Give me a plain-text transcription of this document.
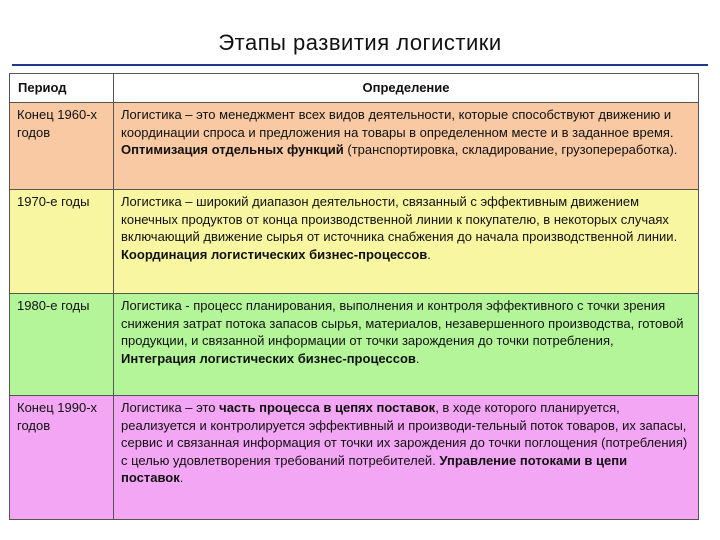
Этапы развития логистики
Период	Определение
Конец 1960-х годов	Логистика – это менеджмент всех видов деятельности, которые способствуют движению и координации спроса и предложения на товары в определенном месте и в заданное время. Оптимизация отдельных функций (транспортировка, складирование, грузопереработка).
1970-е годы	Логистика – широкий диапазон деятельности, связанный с эффективным движением конечных продуктов от конца производственной линии к покупателю, в некоторых случаях включающий движение сырья от источника снабжения до начала производственной линии. Координация логистических бизнес-процессов.
1980-е годы	Логистика - процесс планирования, выполнения и контроля эффективного с точки зрения снижения затрат потока запасов сырья, материалов, незавершенного производства, готовой продукции, и связанной информации от точки зарождения до точки потребления, Интеграция логистических бизнес-процессов.
Конец 1990-х годов	Логистика – это часть процесса в цепях поставок, в ходе которого планируется, реализуется и контролируется эффективный и производи-тельный поток товаров, их запасы, сервис и связанная информация от точки их зарождения до точки поглощения (потребления) с целью удовлетворения требований потребителей. Управление потоками в цепи поставок.
